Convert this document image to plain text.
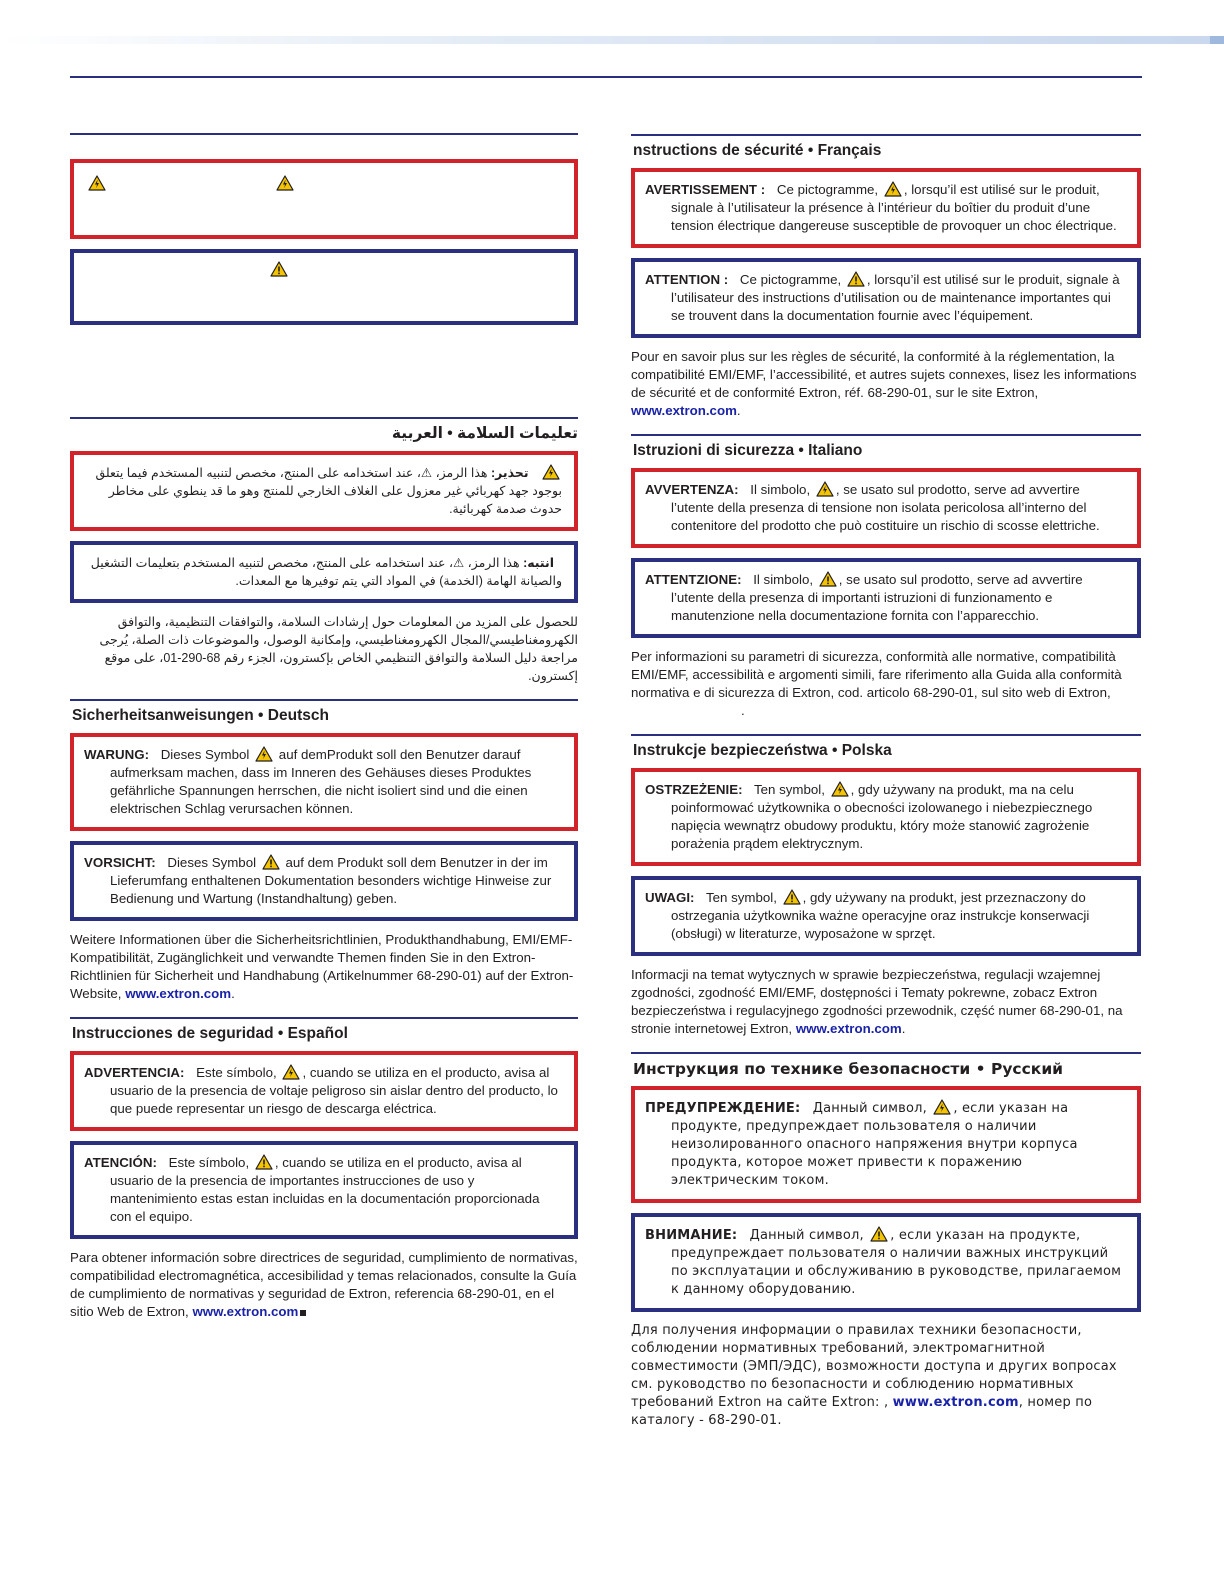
تعليمات السلامة • العربية
تحذير: هذا الرمز، ⚠، عند استخدامه على المنتج، مخصص لتنبيه المستخدم فيما يتعلق بوجود جهد كهربائي غير معزول على الغلاف الخارجي للمنتج وهو ما قد ينطوي على مخاطر حدوث صدمة كهربائية.
انتبه: هذا الرمز، ⚠، عند استخدامه على المنتج، مخصص لتنبيه المستخدم بتعليمات التشغيل والصيانة الهامة (الخدمة) في المواد التي يتم توفيرها مع المعدات.

للحصول على المزيد من المعلومات حول إرشادات السلامة، والتوافقات التنظيمية، والتوافق الكهرومغناطيسي/المجال الكهرومغناطيسي، وإمكانية الوصول، والموضوعات ذات الصلة، يُرجى مراجعة دليل السلامة والتوافق التنظيمي الخاص بإكسترون، الجزء رقم 68-290-01، على موقع إكسترون.

Sicherheitsanweisungen • Deutsch
WARUNG: Dieses Symbol auf demProdukt soll den Benutzer darauf aufmerksam machen, dass im Inneren des Gehäuses dieses Produktes gefährliche Spannungen herrschen, die nicht isoliert sind und die einen elektrischen Schlag verursachen können.
VORSICHT: Dieses Symbol auf dem Produkt soll dem Benutzer in der im Lieferumfang enthaltenen Dokumentation besonders wichtige Hinweise zur Bedienung und Wartung (Instandhaltung) geben.

Weitere Informationen über die Sicherheitsrichtlinien, Produkthandhabung, EMI/EMF-Kompatibilität, Zugänglichkeit und verwandte Themen finden Sie in den Extron-Richtlinien für Sicherheit und Handhabung (Artikelnummer 68-290-01) auf der Extron-Website, www.extron.com.

Instrucciones de seguridad • Español
ADVERTENCIA: Este símbolo, , cuando se utiliza en el producto, avisa al usuario de la presencia de voltaje peligroso sin aislar dentro del producto, lo que puede representar un riesgo de descarga eléctrica.
ATENCIÓN: Este símbolo, , cuando se utiliza en el producto, avisa al usuario de la presencia de importantes instrucciones de uso y mantenimiento estas estan incluidas en la documentación proporcionada con el equipo.

Para obtener información sobre directrices de seguridad, cumplimiento de normativas, compatibilidad electromagnética, accesibilidad y temas relacionados, consulte la Guía de cumplimiento de normativas y seguridad de Extron, referencia 68-290-01, en el sitio Web de Extron, www.extron.com

nstructions de sécurité • Français
AVERTISSEMENT : Ce pictogramme, , lorsqu’il est utilisé sur le produit, signale à l’utilisateur la présence à l’intérieur du boîtier du produit d’une tension électrique dangereuse susceptible de provoquer un choc électrique.
ATTENTION : Ce pictogramme, , lorsqu’il est utilisé sur le produit, signale à l’utilisateur des instructions d’utilisation ou de maintenance importantes qui se trouvent dans la documentation fournie avec l’équipement.

Pour en savoir plus sur les règles de sécurité, la conformité à la réglementation, la compatibilité EMI/EMF, l’accessibilité, et autres sujets connexes, lisez les informations de sécurité et de conformité Extron, réf. 68-290-01, sur le site Extron, www.extron.com.

Istruzioni di sicurezza • Italiano
AVVERTENZA: Il simbolo, , se usato sul prodotto, serve ad avvertire l’utente della presenza di tensione non isolata pericolosa all’interno del contenitore del prodotto che può costituire un rischio di scosse elettriche.
ATTENTZIONE: Il simbolo, , se usato sul prodotto, serve ad avvertire l’utente della presenza di importanti istruzioni di funzionamento e manutenzione nella documentazione fornita con l’apparecchio.

Per informazioni su parametri di sicurezza, conformità alle normative, compatibilità EMI/EMF, accessibilità e argomenti simili, fare riferimento alla Guida alla conformità normativa e di sicurezza di Extron, cod. articolo 68-290-01, sul sito web di Extron, .

Instrukcje bezpieczeństwa • Polska
OSTRZEŻENIE: Ten symbol, , gdy używany na produkt, ma na celu poinformować użytkownika o obecności izolowanego i niebezpiecznego napięcia wewnątrz obudowy produktu, który może stanowić zagrożenie porażenia prądem elektrycznym.
UWAGI: Ten symbol, , gdy używany na produkt, jest przeznaczony do ostrzegania użytkownika ważne operacyjne oraz instrukcje konserwacji (obsługi) w literaturze, wyposażone w sprzęt.

Informacji na temat wytycznych w sprawie bezpieczeństwa, regulacji wzajemnej zgodności, zgodność EMI/EMF, dostępności i Tematy pokrewne, zobacz Extron bezpieczeństwa i regulacyjnego zgodności przewodnik, część numer 68-290-01, na stronie internetowej Extron, www.extron.com.

Инструкция по технике безопасности • Русский
ПРЕДУПРЕЖДЕНИЕ: Данный символ, , если указан на продукте, предупреждает пользователя о наличии неизолированного опасного напряжения внутри корпуса продукта, которое может привести к поражению электрическим током.
ВНИМАНИЕ: Данный символ, , если указан на продукте, предупреждает пользователя о наличии важных инструкций по эксплуатации и обслуживанию в руководстве, прилагаемом к данному оборудованию.

Для получения информации о правилах техники безопасности, соблюдении нормативных требований, электромагнитной совместимости (ЭМП/ЭДС), возможности доступа и других вопросах см. руководство по безопасности и соблюдению нормативных требований Extron на сайте Extron: , www.extron.com, номер по каталогу - 68-290-01.
